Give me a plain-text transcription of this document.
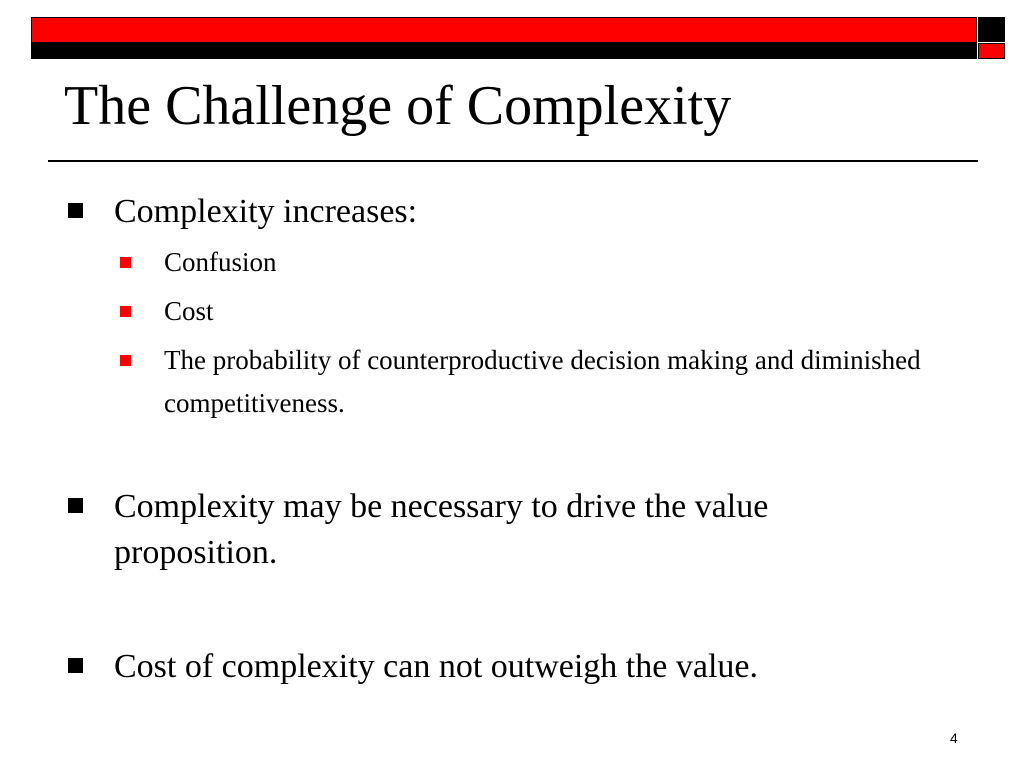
The Challenge of Complexity
Complexity increases:
Confusion
Cost
The probability of counterproductive decision making and diminished competitiveness.
Complexity may be necessary to drive the value proposition.
Cost of complexity can not outweigh the value.
4
